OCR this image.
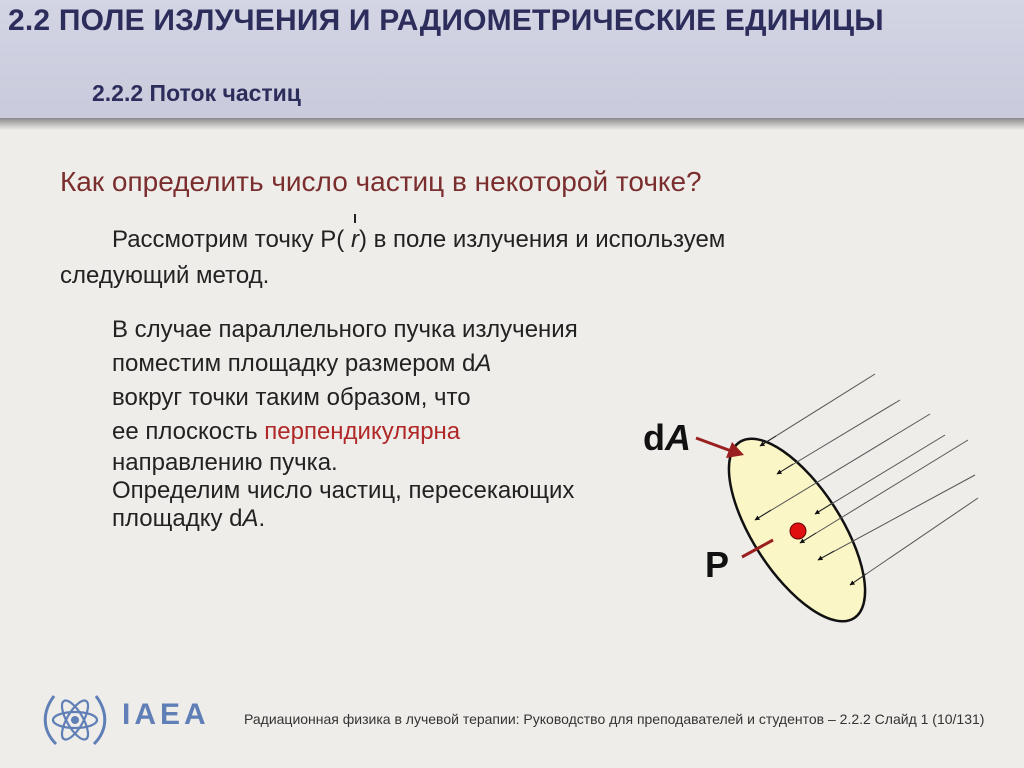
2.2 ПОЛЕ ИЗЛУЧЕНИЯ И РАДИОМЕТРИЧЕСКИЕ ЕДИНИЦЫ
2.2.2 Поток частиц
Как определить число частиц в некоторой точке?
Рассмотрим точку P(
r) в поле излучения и используем
следующий метод.
В случае параллельного пучка излучения
поместим площадку размером dA
вокруг точки таким образом, что
ее плоскость перпендикулярна
направлению пучка.
Определим число частиц, пересекающих
площадку dA.
dA
P
IAEA Радиационная физика в лучевой терапии: Руководство для преподавателей и студентов – 2.2.2 Слайд 1 (10/131)
